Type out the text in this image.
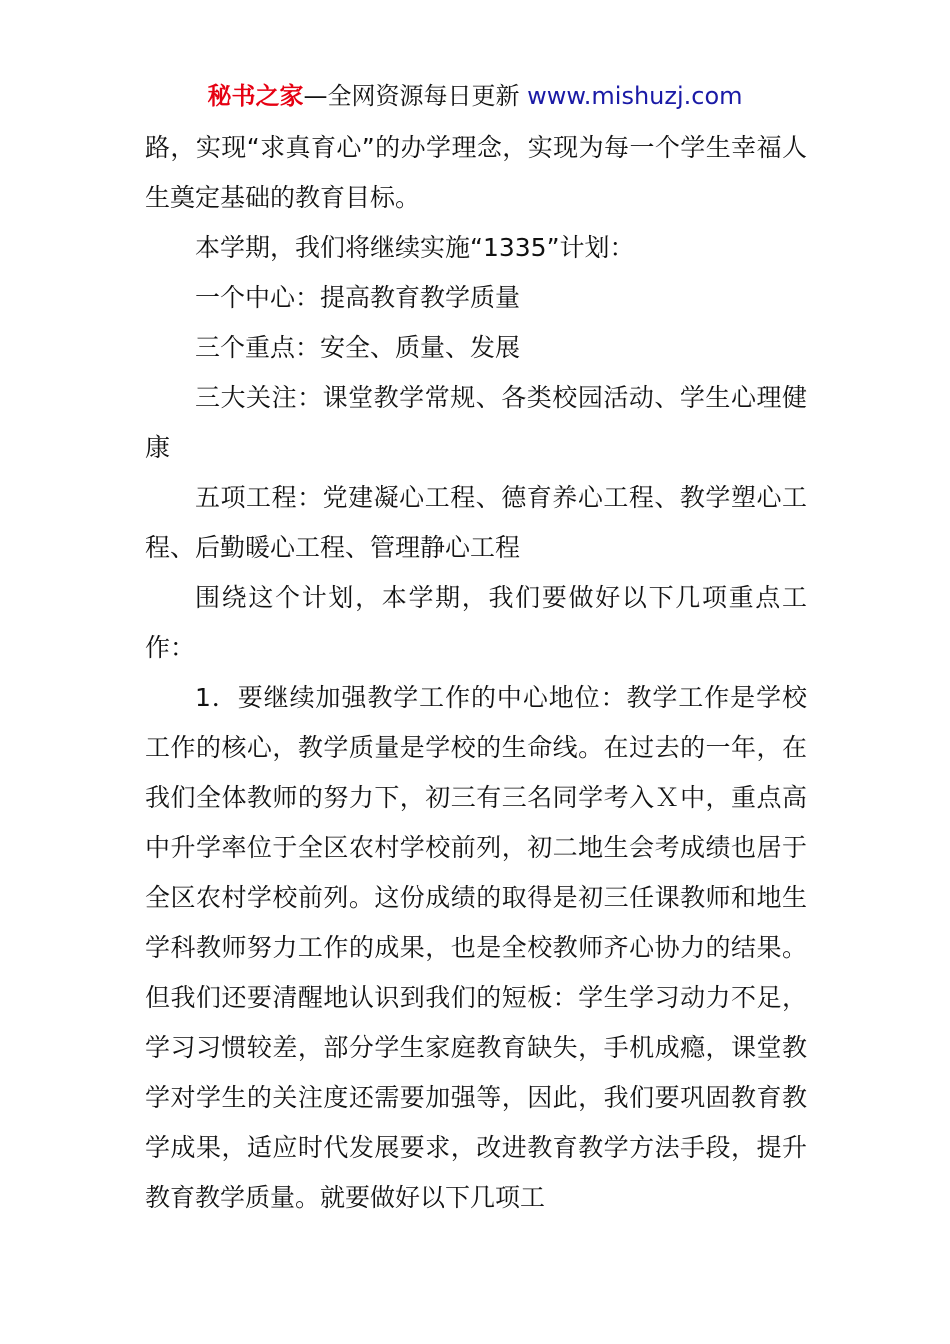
秘书之家—全网资源每日更新 www.mishuzj.com

路，实现“求真育心”的办学理念，实现为每一个学生幸福人生奠定基础的教育目标。

本学期，我们将继续实施“1335”计划：

一个中心：提高教育教学质量

三个重点：安全、质量、发展

三大关注：课堂教学常规、各类校园活动、学生心理健康

五项工程：党建凝心工程、德育养心工程、教学塑心工程、后勤暖心工程、管理静心工程

围绕这个计划，本学期，我们要做好以下几项重点工作：

1．要继续加强教学工作的中心地位：教学工作是学校工作的核心，教学质量是学校的生命线。在过去的一年，在我们全体教师的努力下，初三有三名同学考入Ｘ中，重点高中升学率位于全区农村学校前列，初二地生会考成绩也居于全区农村学校前列。这份成绩的取得是初三任课教师和地生学科教师努力工作的成果，也是全校教师齐心协力的结果。但我们还要清醒地认识到我们的短板：学生学习动力不足，学习习惯较差，部分学生家庭教育缺失，手机成瘾，课堂教学对学生的关注度还需要加强等，因此，我们要巩固教育教学成果，适应时代发展要求，改进教育教学方法手段，提升教育教学质量。就要做好以下几项工
